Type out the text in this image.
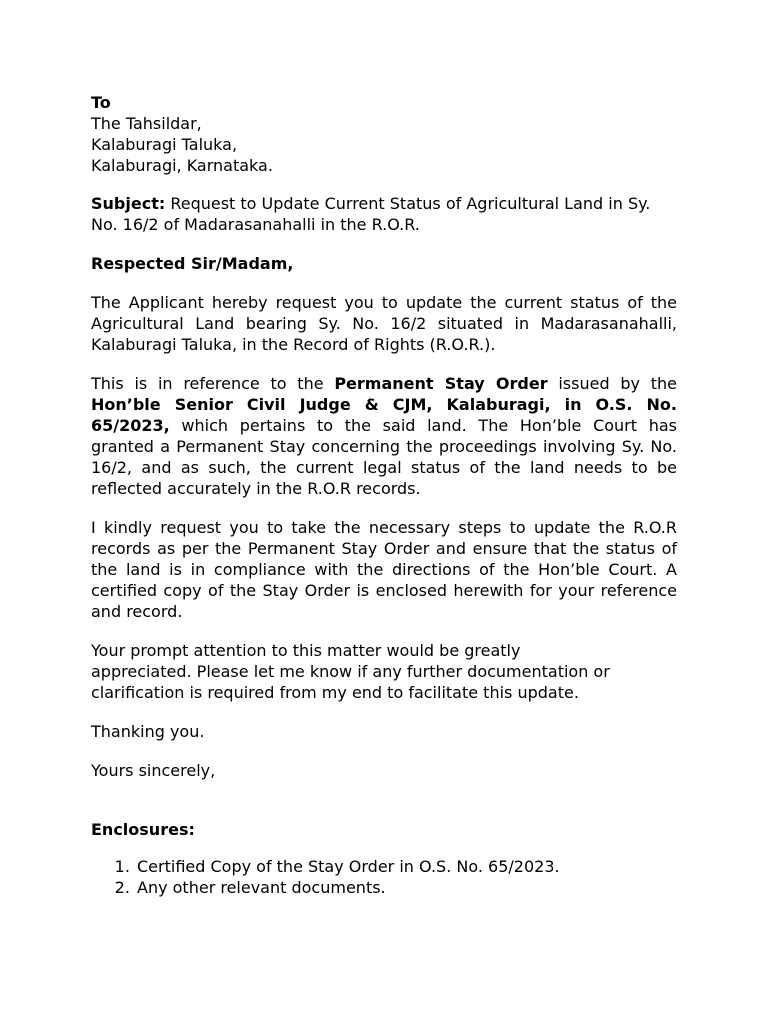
To

The Tahsildar,

Kalaburagi Taluka,

Kalaburagi, Karnataka.

Subject: Request to Update Current Status of Agricultural Land in Sy. No. 16/2 of Madarasanahalli in the R.O.R.

Respected Sir/Madam,

The Applicant hereby request you to update the current status of the Agricultural Land bearing Sy. No. 16/2 situated in Madarasanahalli, Kalaburagi Taluka, in the Record of Rights (R.O.R.).

This is in reference to the Permanent Stay Order issued by the Hon’ble Senior Civil Judge & CJM, Kalaburagi, in O.S. No. 65/2023, which pertains to the said land. The Hon’ble Court has granted a Permanent Stay concerning the proceedings involving Sy. No. 16/2, and as such, the current legal status of the land needs to be reflected accurately in the R.O.R records.

I kindly request you to take the necessary steps to update the R.O.R records as per the Permanent Stay Order and ensure that the status of the land is in compliance with the directions of the Hon’ble Court. A certified copy of the Stay Order is enclosed herewith for your reference and record.

Your prompt attention to this matter would be greatly

appreciated. Please let me know if any further documentation or

clarification is required from my end to facilitate this update.

Thanking you.

Yours sincerely,

Enclosures:

1. Certified Copy of the Stay Order in O.S. No. 65/2023.
2. Any other relevant documents.
